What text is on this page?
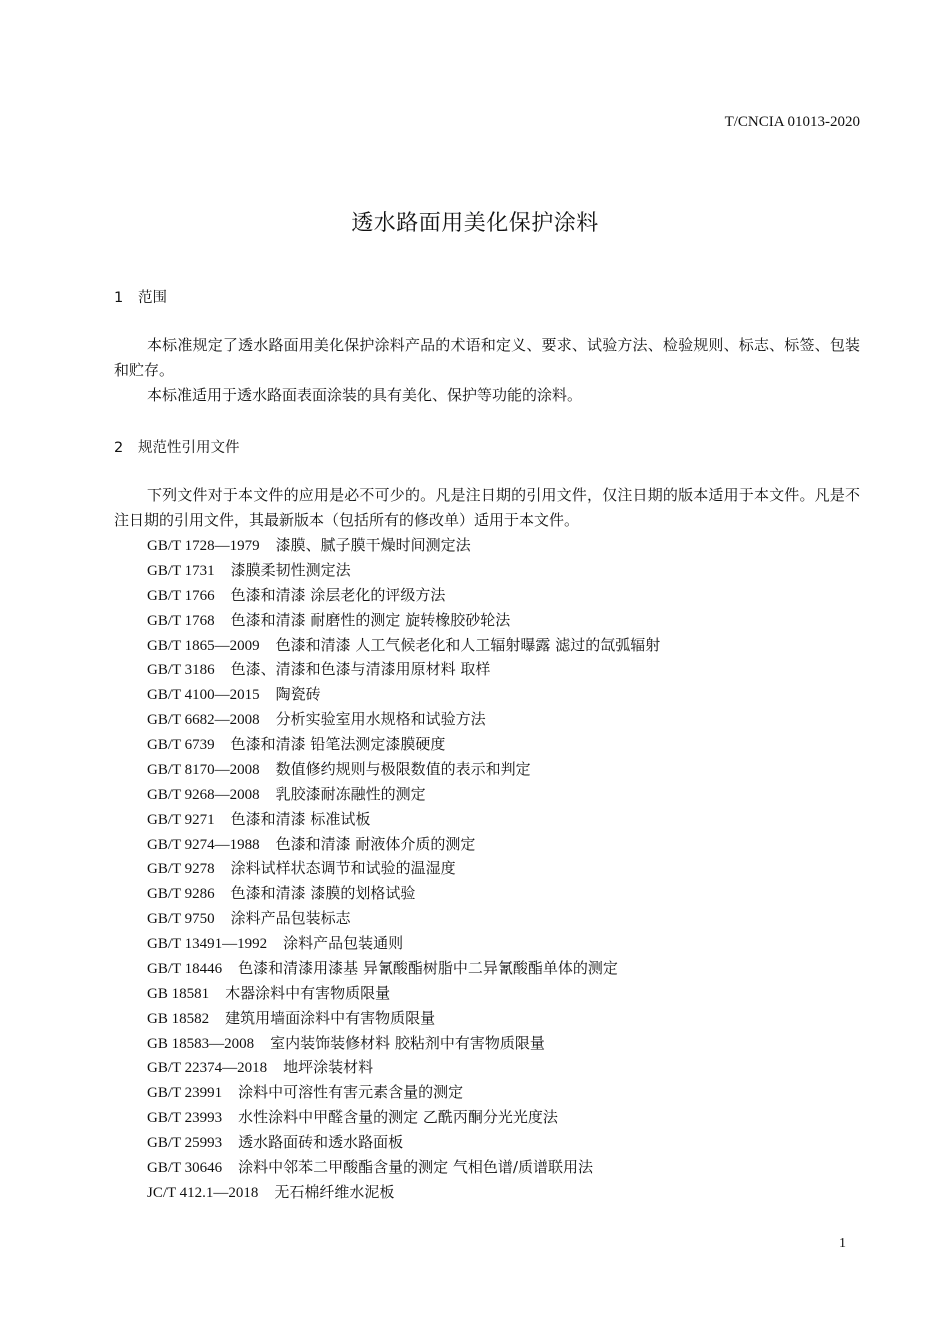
T/CNCIA 01013-2020
透水路面用美化保护涂料
1 范围
本标准规定了透水路面用美化保护涂料产品的术语和定义、要求、试验方法、检验规则、标志、标签、包装和贮存。
本标准适用于透水路面表面涂装的具有美化、保护等功能的涂料。
2 规范性引用文件
下列文件对于本文件的应用是必不可少的。凡是注日期的引用文件，仅注日期的版本适用于本文件。凡是不注日期的引用文件，其最新版本（包括所有的修改单）适用于本文件。
GB/T 1728—1979 漆膜、腻子膜干燥时间测定法
GB/T 1731 漆膜柔韧性测定法
GB/T 1766 色漆和清漆 涂层老化的评级方法
GB/T 1768 色漆和清漆 耐磨性的测定 旋转橡胶砂轮法
GB/T 1865—2009 色漆和清漆 人工气候老化和人工辐射曝露 滤过的氙弧辐射
GB/T 3186 色漆、清漆和色漆与清漆用原材料 取样
GB/T 4100—2015 陶瓷砖
GB/T 6682—2008 分析实验室用水规格和试验方法
GB/T 6739 色漆和清漆 铅笔法测定漆膜硬度
GB/T 8170—2008 数值修约规则与极限数值的表示和判定
GB/T 9268—2008 乳胶漆耐冻融性的测定
GB/T 9271 色漆和清漆 标准试板
GB/T 9274—1988 色漆和清漆 耐液体介质的测定
GB/T 9278 涂料试样状态调节和试验的温湿度
GB/T 9286 色漆和清漆 漆膜的划格试验
GB/T 9750 涂料产品包装标志
GB/T 13491—1992 涂料产品包装通则
GB/T 18446 色漆和清漆用漆基 异氰酸酯树脂中二异氰酸酯单体的测定
GB 18581 木器涂料中有害物质限量
GB 18582 建筑用墙面涂料中有害物质限量
GB 18583—2008 室内装饰装修材料 胶粘剂中有害物质限量
GB/T 22374—2018 地坪涂装材料
GB/T 23991 涂料中可溶性有害元素含量的测定
GB/T 23993 水性涂料中甲醛含量的测定 乙酰丙酮分光光度法
GB/T 25993 透水路面砖和透水路面板
GB/T 30646 涂料中邻苯二甲酸酯含量的测定 气相色谱/质谱联用法
JC/T 412.1—2018 无石棉纤维水泥板
1
